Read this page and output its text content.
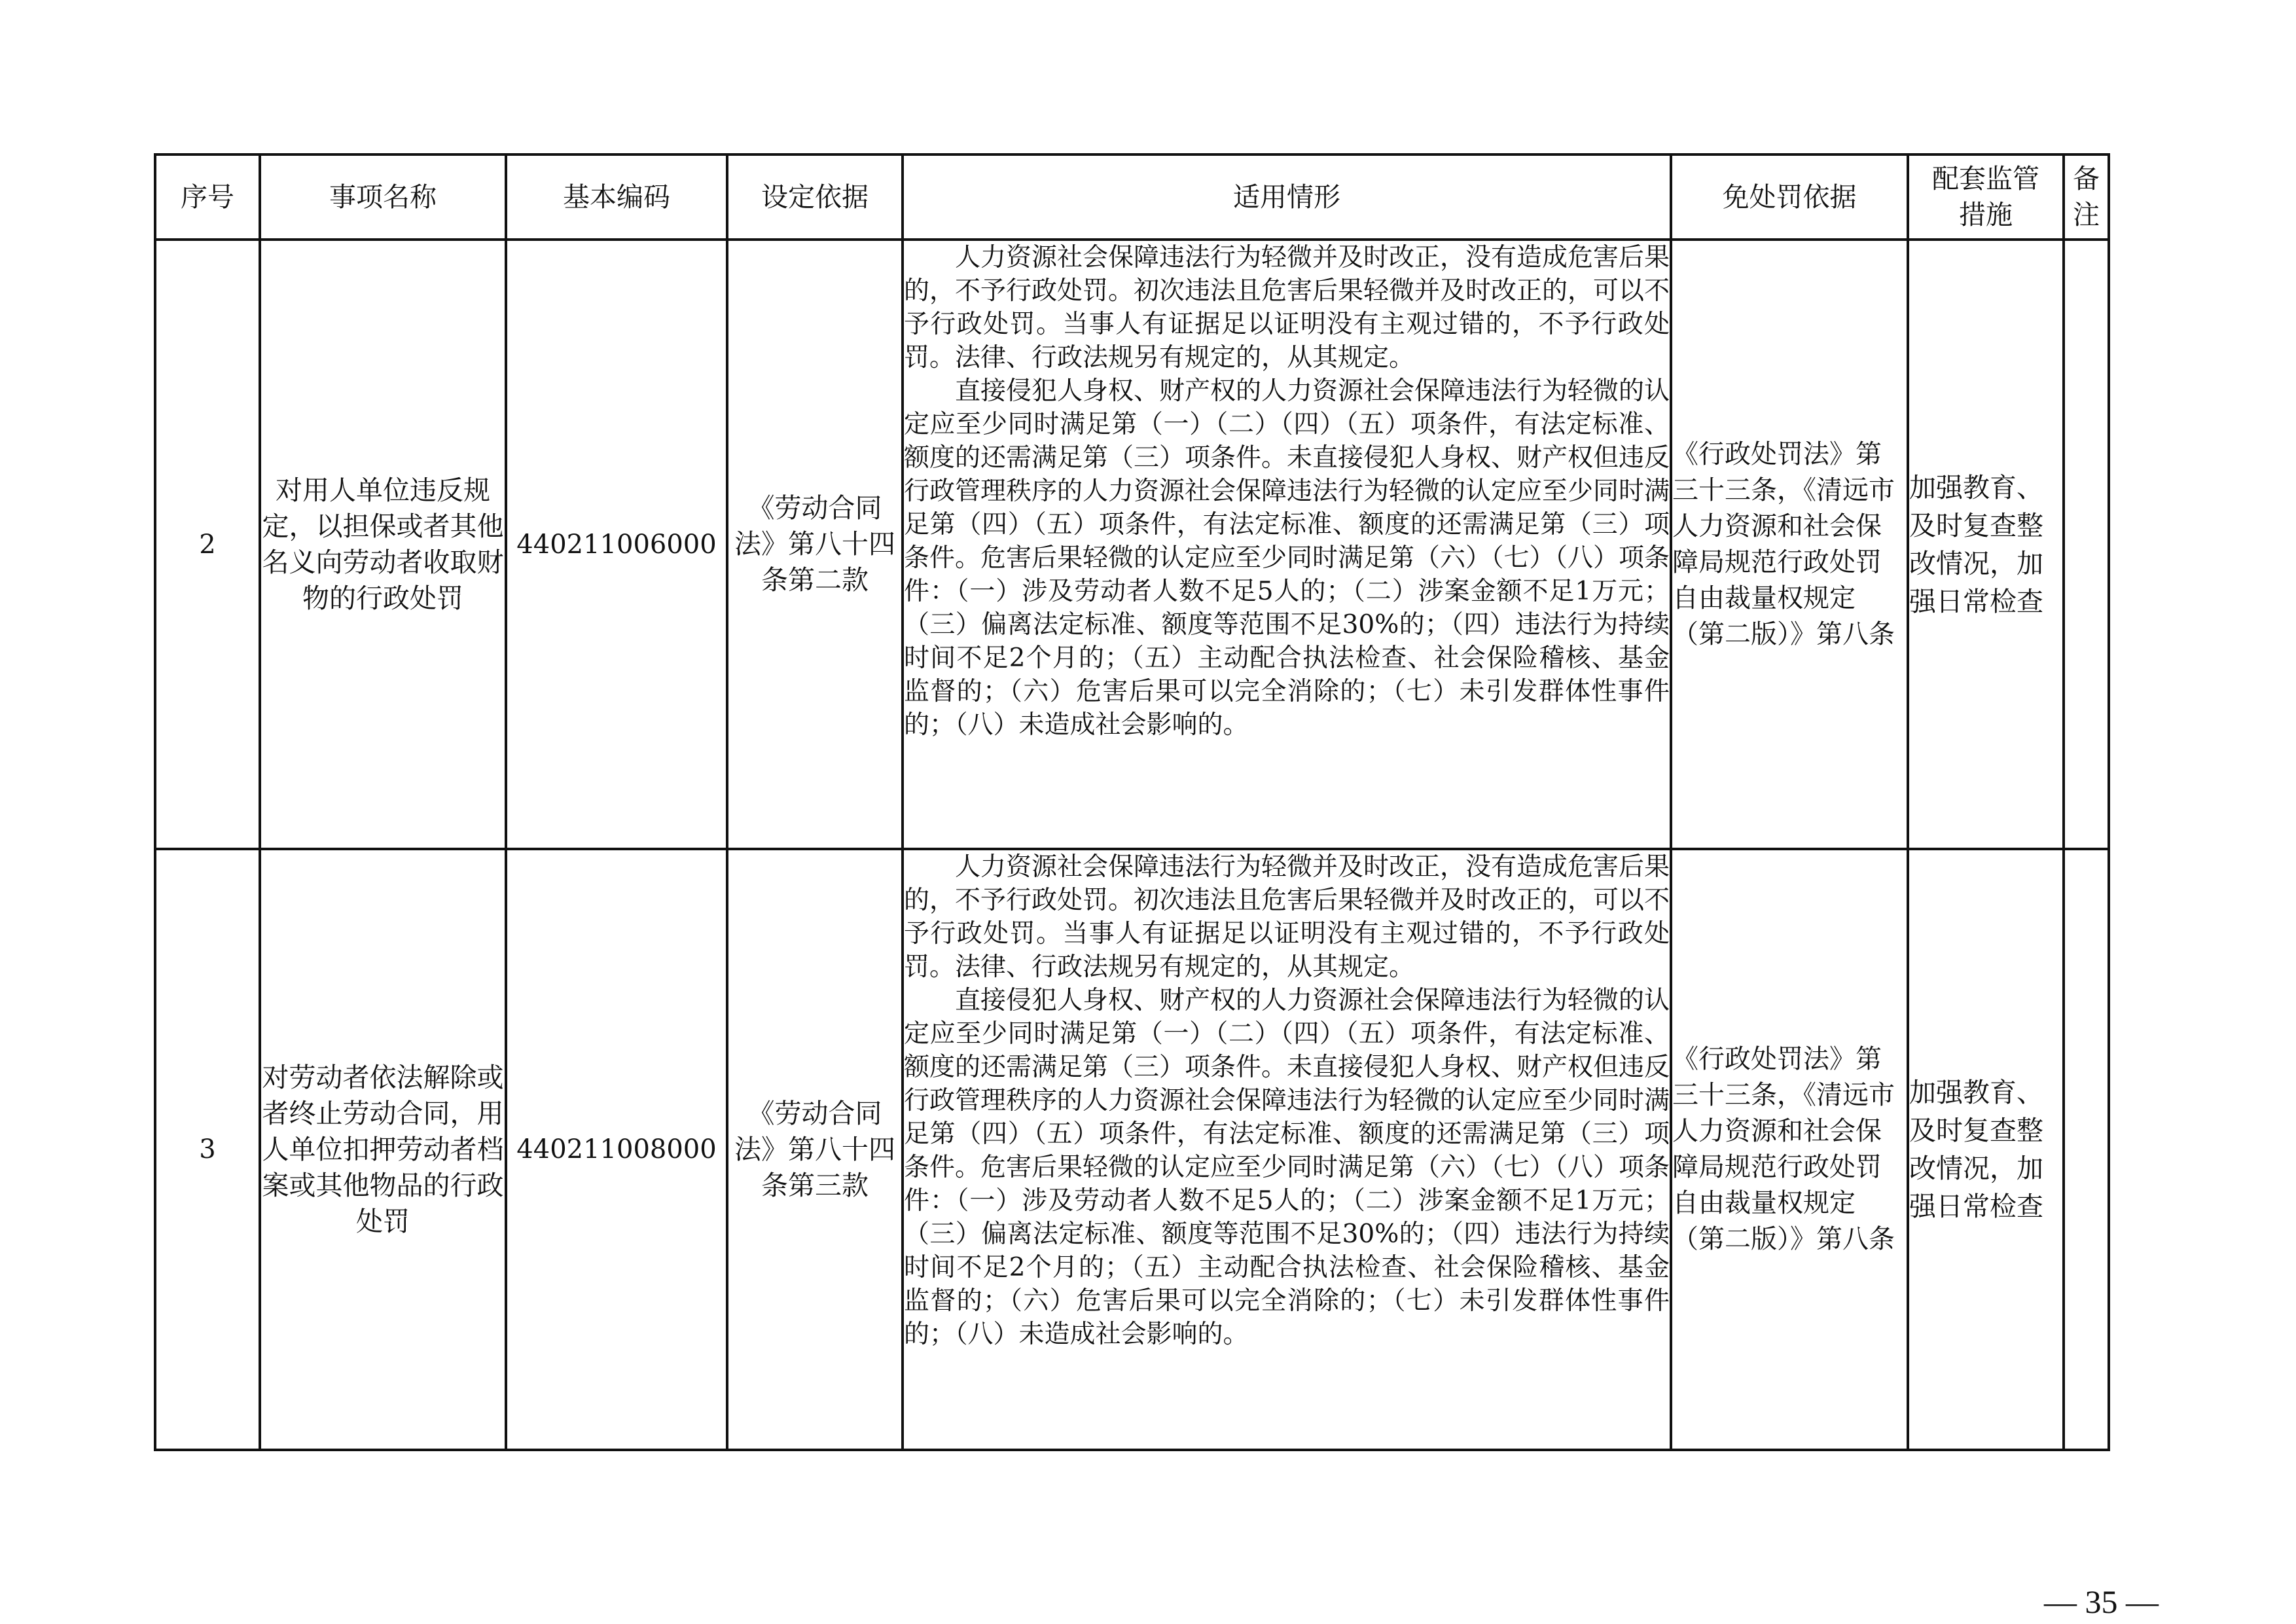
序号	事项名称	基本编码	设定依据	适用情形	免处罚依据	配套监管措施	备注
2	对用人单位违反规定，以担保或者其他名义向劳动者收取财物的行政处罚	440211006000	《劳动合同法》第八十四条第二款	人力资源社会保障违法行为轻微并及时改正，没有造成危害后果的，不予行政处罚。初次违法且危害后果轻微并及时改正的，可以不予行政处罚。当事人有证据足以证明没有主观过错的，不予行政处罚。法律、行政法规另有规定的，从其规定。

直接侵犯人身权、财产权的人力资源社会保障违法行为轻微的认定应至少同时满足第（一）（二）（四）（五）项条件，有法定标准、额度的还需满足第（三）项条件。未直接侵犯人身权、财产权但违反行政管理秩序的人力资源社会保障违法行为轻微的认定应至少同时满足第（四）（五）项条件，有法定标准、额度的还需满足第（三）项条件。危害后果轻微的认定应至少同时满足第（六）（七）（八）项条件：（一）涉及劳动者人数不足5人的；（二）涉案金额不足1万元；（三）偏离法定标准、额度等范围不足30%的；（四）违法行为持续时间不足2个月的；（五）主动配合执法检查、社会保险稽核、基金监督的；（六）危害后果可以完全消除的；（七）未引发群体性事件的；（八）未造成社会影响的。	《行政处罚法》第三十三条，《清远市人力资源和社会保障局规范行政处罚自由裁量权规定（第二版）》第八条	加强教育、及时复查整改情况，加强日常检查	
3	对劳动者依法解除或者终止劳动合同，用人单位扣押劳动者档案或其他物品的行政处罚	440211008000	《劳动合同法》第八十四条第三款	人力资源社会保障违法行为轻微并及时改正，没有造成危害后果的，不予行政处罚。初次违法且危害后果轻微并及时改正的，可以不予行政处罚。当事人有证据足以证明没有主观过错的，不予行政处罚。法律、行政法规另有规定的，从其规定。

直接侵犯人身权、财产权的人力资源社会保障违法行为轻微的认定应至少同时满足第（一）（二）（四）（五）项条件，有法定标准、额度的还需满足第（三）项条件。未直接侵犯人身权、财产权但违反行政管理秩序的人力资源社会保障违法行为轻微的认定应至少同时满足第（四）（五）项条件，有法定标准、额度的还需满足第（三）项条件。危害后果轻微的认定应至少同时满足第（六）（七）（八）项条件：（一）涉及劳动者人数不足5人的；（二）涉案金额不足1万元；（三）偏离法定标准、额度等范围不足30%的；（四）违法行为持续时间不足2个月的；（五）主动配合执法检查、社会保险稽核、基金监督的；（六）危害后果可以完全消除的；（七）未引发群体性事件的；（八）未造成社会影响的。	《行政处罚法》第三十三条，《清远市人力资源和社会保障局规范行政处罚自由裁量权规定（第二版）》第八条	加强教育、及时复查整改情况，加强日常检查	
— 35 —
